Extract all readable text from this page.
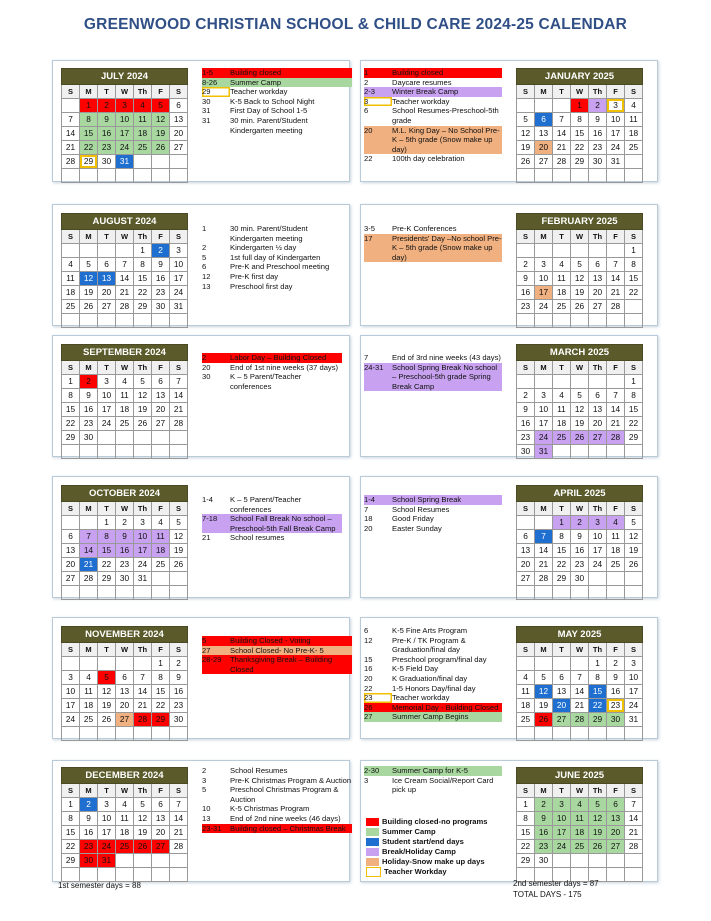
GREENWOOD CHRISTIAN SCHOOL & CHILD CARE 2024-25 CALENDAR
JULY 2024						
S	M	T	W	Th	F	S
	1	2	3	4	5	6
7	8	9	10	11	12	13
14	15	16	17	18	19	20
21	22	23	24	25	26	27
28	29	30	31			

AUGUST 2024						
S	M	T	W	Th	F	S
				1	2	3
4	5	6	7	8	9	10
11	12	13	14	15	16	17
18	19	20	21	22	23	24
25	26	27	28	29	30	31

SEPTEMBER 2024						
S	M	T	W	Th	F	S
1	2	3	4	5	6	7
8	9	10	11	12	13	14
15	16	17	18	19	20	21
22	23	24	25	26	27	28
29	30					

OCTOBER 2024						
S	M	T	W	Th	F	S
		1	2	3	4	5
6	7	8	9	10	11	12
13	14	15	16	17	18	19
20	21	22	23	24	25	26
27	28	29	30	31		

NOVEMBER 2024						
S	M	T	W	Th	F	S
					1	2
3	4	5	6	7	8	9
10	11	12	13	14	15	16
17	18	19	20	21	22	23
24	25	26	27	28	29	30

DECEMBER 2024						
S	M	T	W	Th	F	S
1	2	3	4	5	6	7
8	9	10	11	12	13	14
15	16	17	18	19	20	21
22	23	24	25	26	27	28
29	30	31				

JANUARY 2025						
S	M	T	W	Th	F	S
			1	2	3	4
5	6	7	8	9	10	11
12	13	14	15	16	17	18
19	20	21	22	23	24	25
26	27	28	29	30	31	

FEBRUARY 2025						
S	M	T	W	Th	F	S
						1
2	3	4	5	6	7	8
9	10	11	12	13	14	15
16	17	18	19	20	21	22
23	24	25	26	27	28	

MARCH 2025						
S	M	T	W	Th	F	S
						1
2	3	4	5	6	7	8
9	10	11	12	13	14	15
16	17	18	19	20	21	22
23	24	25	26	27	28	29
30	31					
APRIL 2025						
S	M	T	W	Th	F	S
		1	2	3	4	5
6	7	8	9	10	11	12
13	14	15	16	17	18	19
20	21	22	23	24	25	26
27	28	29	30			

MAY 2025						
S	M	T	W	Th	F	S
				1	2	3
4	5	6	7	8	9	10
11	12	13	14	15	16	17
18	19	20	21	22	23	24
25	26	27	28	29	30	31

JUNE 2025						
S	M	T	W	Th	F	S
1	2	3	4	5	6	7
8	9	10	11	12	13	14
15	16	17	18	19	20	21
22	23	24	25	26	27	28
29	30					

1-5	Building closed
8-26	Summer Camp
29	Teacher workday
30	K-5 Back to School Night
31	First Day of School 1-5
31	30 min. Parent/Student Kindergarten meeting
1	30 min. Parent/Student Kindergarten meeting
2	Kindergarten ½ day
5	1st full day of Kindergarten
6	Pre-K and Preschool meeting
12	Pre-K first day
13	Preschool first day
2	Labor Day – Building Closed
20	End of 1st nine weeks (37 days)
30	K – 5 Parent/Teacher conferences
1-4	K – 5 Parent/Teacher conferences
7-18	School Fall Break No school – Preschool-5th Fall Break Camp
21	School resumes
5	Building Closed - Voting
27	School Closed- No Pre-K- 5
28-29	Thanksgiving Break – Building Closed
2	School Resumes
3	Pre-K Christmas Program & Auction
5	Preschool Christmas Program & Auction
10	K-5 Christmas Program
13	End of 2nd nine weeks (46 days)
23-31	Building closed – Christmas Break
1	Building closed
2	Daycare resumes
2-3	Winter Break Camp
3	Teacher workday
6	School Resumes-Preschool-5th grade
20	M.L. King Day – No School Pre-K – 5th grade (Snow make up day)
22	100th day celebration
3-5	Pre-K Conferences
17	Presidents' Day –No school Pre-K – 5th grade (Snow make up day)
7	End of 3rd nine weeks (43 days)
24-31	School Spring Break No school – Preschool-5th grade Spring Break Camp
1-4	School Spring Break
7	School Resumes
18	Good Friday
20	Easter Sunday
6	K-5 Fine Arts Program
12	Pre-K / TK Program & Graduation/final day
15	Preschool program/final day
16	K-5 Field Day
20	K Graduation/final day
22	1-5 Honors Day/final day
23	Teacher workday
26	Memorial Day - Building Closed
27	Summer Camp Begins
2-30	Summer Camp for K-5
3	Ice Cream Social/Report Card pick up
Building closed-no programs
Summer Camp
Student start/end days
Break/Holiday Camp
Holiday-Snow make up days
Teacher Workday
1st semester days = 88	2nd semester days = 87
TOTAL DAYS - 175
